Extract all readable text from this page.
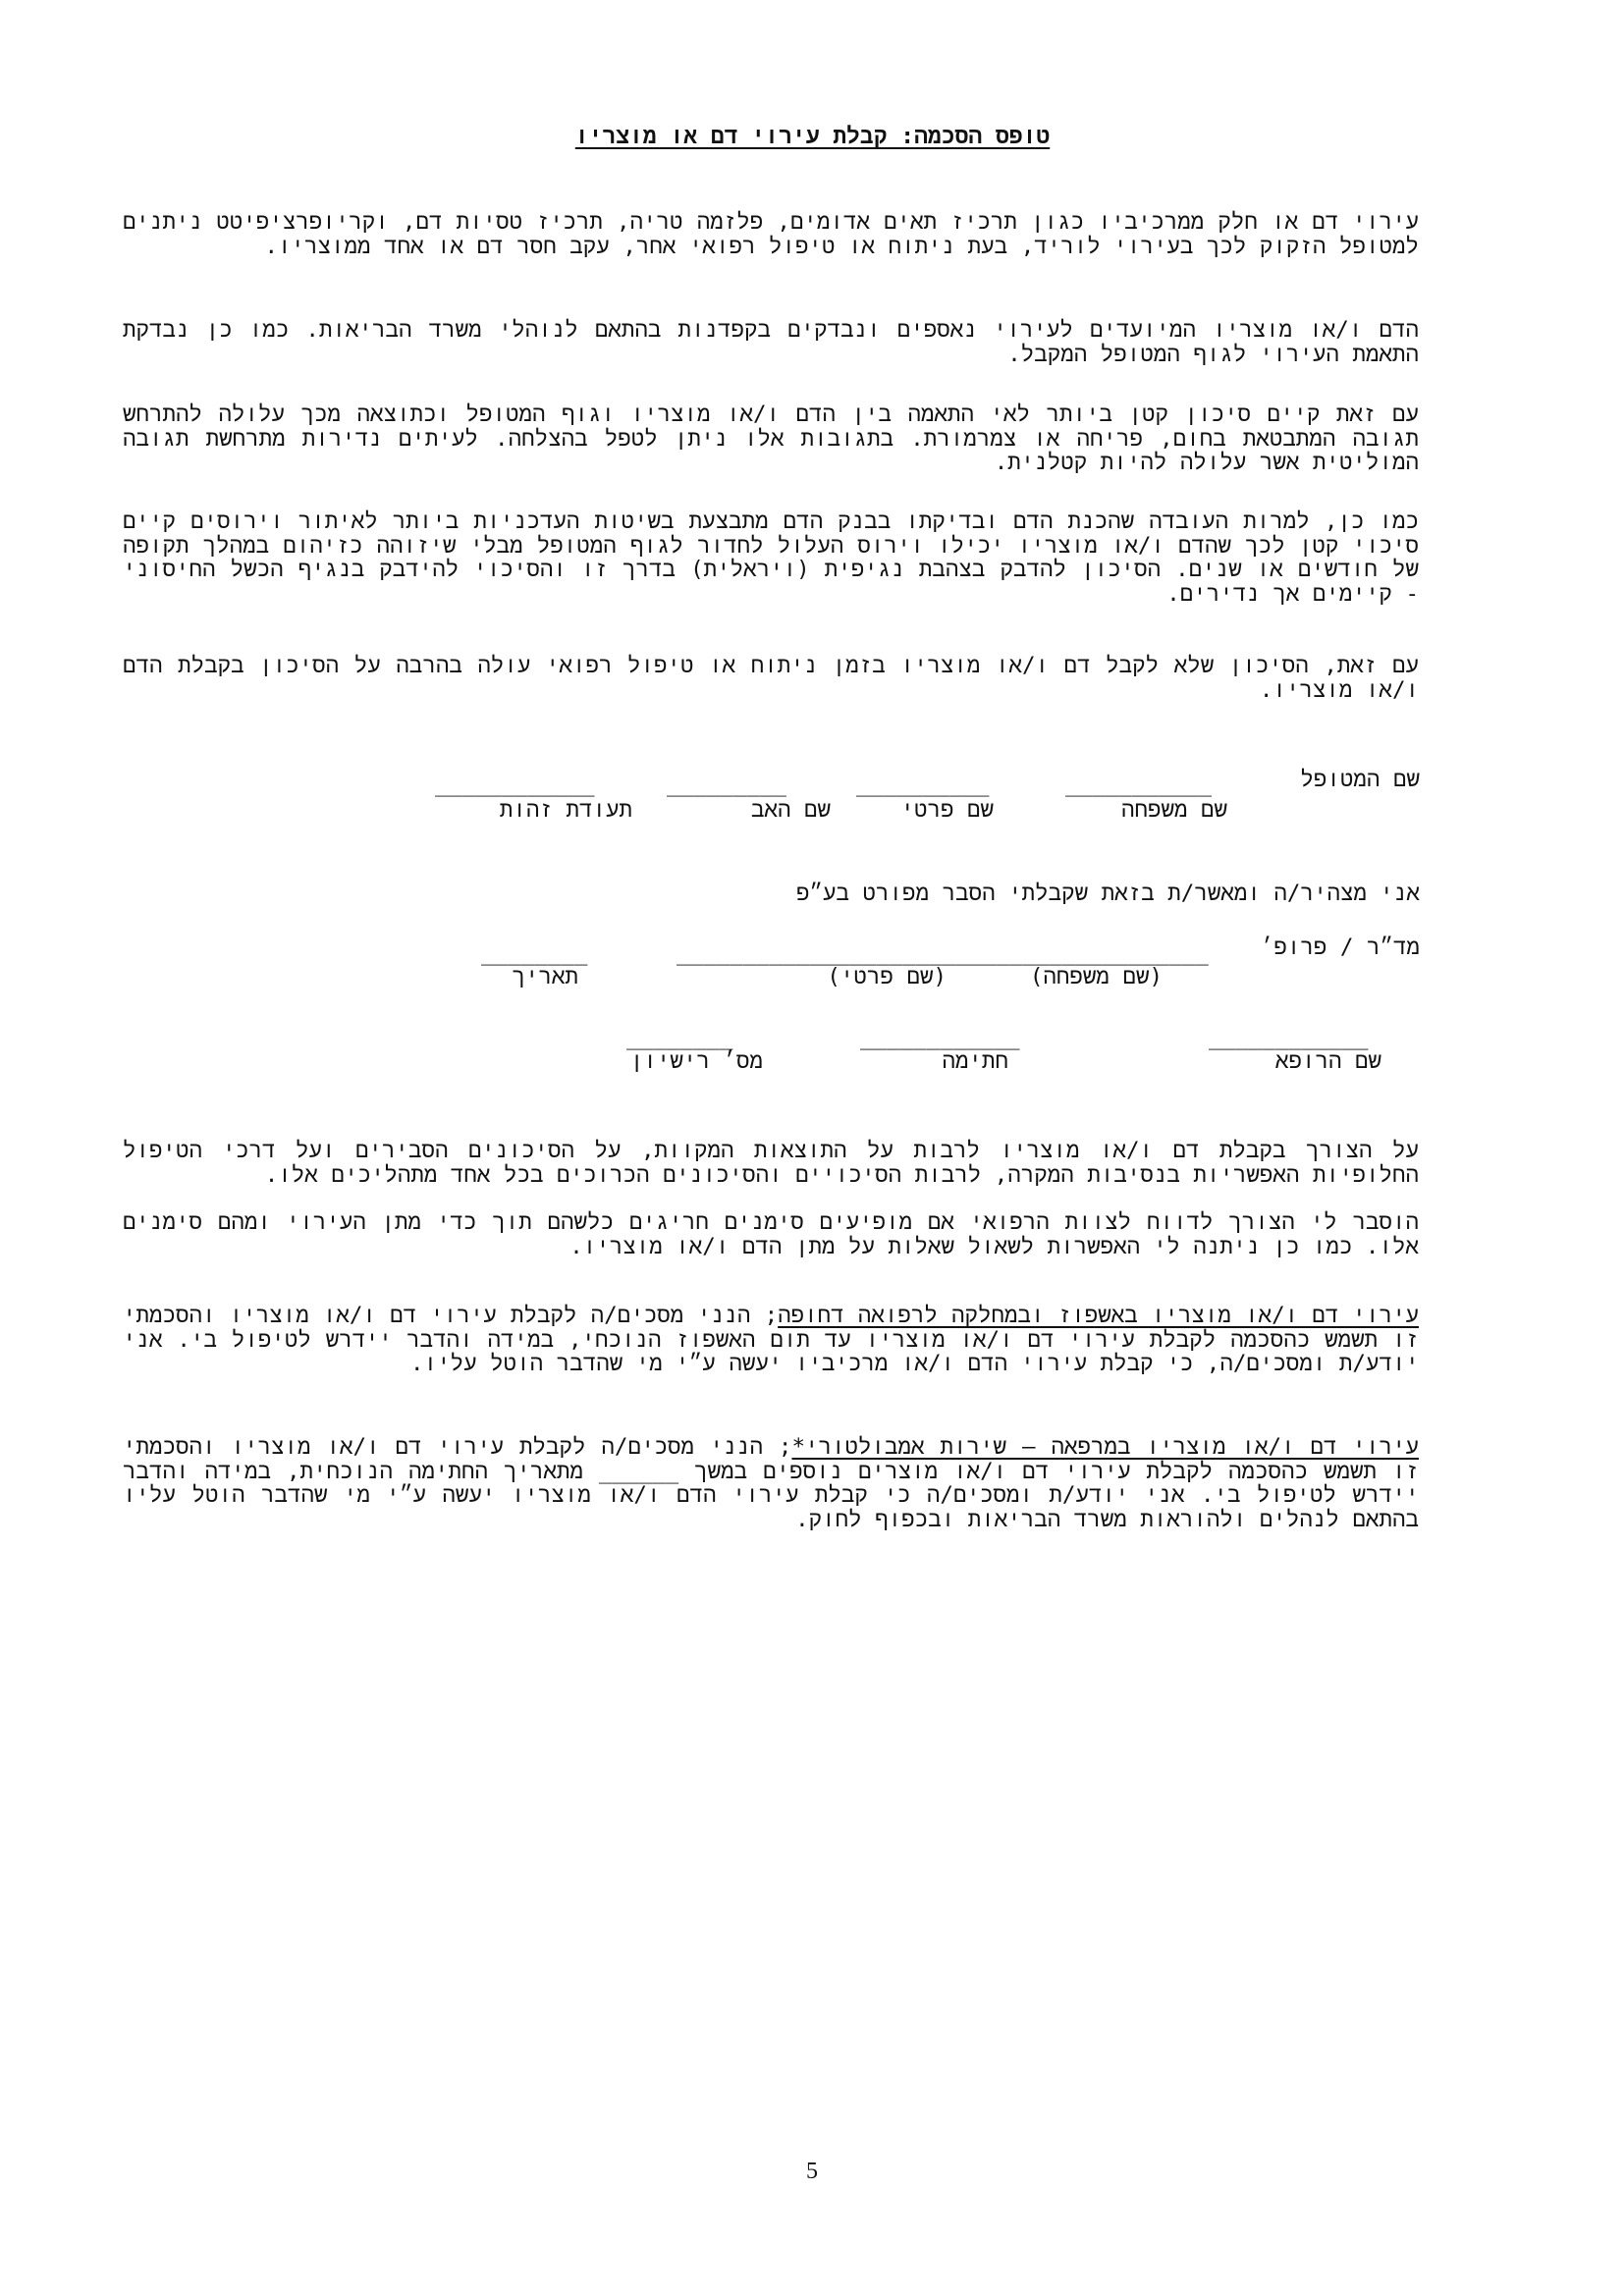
טופס הסכמה: קבלת עירוי דם או מוצריו
עירוי דם או חלק ממרכיביו כגון תרכיז תאים אדומים, פלזמה טריה, תרכיז טסיות דם, וקריופרציפיטט ניתנים למטופל הזקוק לכך בעירוי לוריד, בעת ניתוח או טיפול רפואי אחר, עקב חסר דם או אחד ממוצריו.
הדם ו/או מוצריו המיועדים לעירוי נאספים ונבדקים בקפדנות בהתאם לנוהלי משרד הבריאות. כמו כן נבדקת התאמת העירוי לגוף המטופל המקבל.
עם זאת קיים סיכון קטן ביותר לאי התאמה בין הדם ו/או מוצריו וגוף המטופל וכתוצאה מכך עלולה להתרחש תגובה המתבטאת בחום, פריחה או צמרמורת. בתגובות אלו ניתן לטפל בהצלחה. לעיתים נדירות מתרחשת תגובה המוליטית אשר עלולה להיות קטלנית.
כמו כן, למרות העובדה שהכנת הדם ובדיקתו בבנק הדם מתבצעת בשיטות העדכניות ביותר לאיתור וירוסים קיים סיכוי קטן לכך שהדם ו/או מוצריו יכילו וירוס העלול לחדור לגוף המטופל מבלי שיזוהה כזיהום במהלך תקופה של חודשים או שנים. הסיכון להדבק בצהבת נגיפית (ויראלית) בדרך זו והסיכוי להידבק בנגיף הכשל החיסוני - קיימים אך נדירים.
עם זאת, הסיכון שלא לקבל דם ו/או מוצריו בזמן ניתוח או טיפול רפואי עולה בהרבה על הסיכון בקבלת הדם ו/או מוצריו.
שם המטופל
___________
__________
_________
____________
שם משפחה
שם פרטי
שם האב
תעודת זהות
אני מצהיר/ה ומאשר/ת בזאת שקבלתי הסבר מפורט בע״פ
מד״ר / פרופ׳
________________________________________
________
(שם משפחה)
(שם פרטי)
תאריך
____________
____________
________
שם הרופא
חתימה
מס׳ רישיון
על הצורך בקבלת דם ו/או מוצריו לרבות על התוצאות המקוות, על הסיכונים הסבירים ועל דרכי הטיפול החלופיות האפשריות בנסיבות המקרה, לרבות הסיכויים והסיכונים הכרוכים בכל אחד מתהליכים אלו.
הוסבר לי הצורך לדווח לצוות הרפואי אם מופיעים סימנים חריגים כלשהם תוך כדי מתן העירוי ומהם סימנים אלו. כמו כן ניתנה לי האפשרות לשאול שאלות על מתן הדם ו/או מוצריו.
עירוי דם ו/או מוצריו באשפוז ובמחלקה לרפואה דחופה; הנני מסכים/ה לקבלת עירוי דם ו/או מוצריו והסכמתי זו תשמש כהסכמה לקבלת עירוי דם ו/או מוצריו עד תום האשפוז הנוכחי, במידה והדבר יידרש לטיפול בי. אני יודע/ת ומסכים/ה, כי קבלת עירוי הדם ו/או מרכיביו יעשה ע״י מי שהדבר הוטל עליו.
עירוי דם ו/או מוצריו במרפאה – שירות אמבולטורי*; הנני מסכים/ה לקבלת עירוי דם ו/או מוצריו והסכמתי זו תשמש כהסכמה לקבלת עירוי דם ו/או מוצרים נוספים במשך ______ מתאריך החתימה הנוכחית, במידה והדבר יידרש לטיפול בי. אני יודע/ת ומסכים/ה כי קבלת עירוי הדם ו/או מוצריו יעשה ע״י מי שהדבר הוטל עליו בהתאם לנהלים ולהוראות משרד הבריאות ובכפוף לחוק.
5
